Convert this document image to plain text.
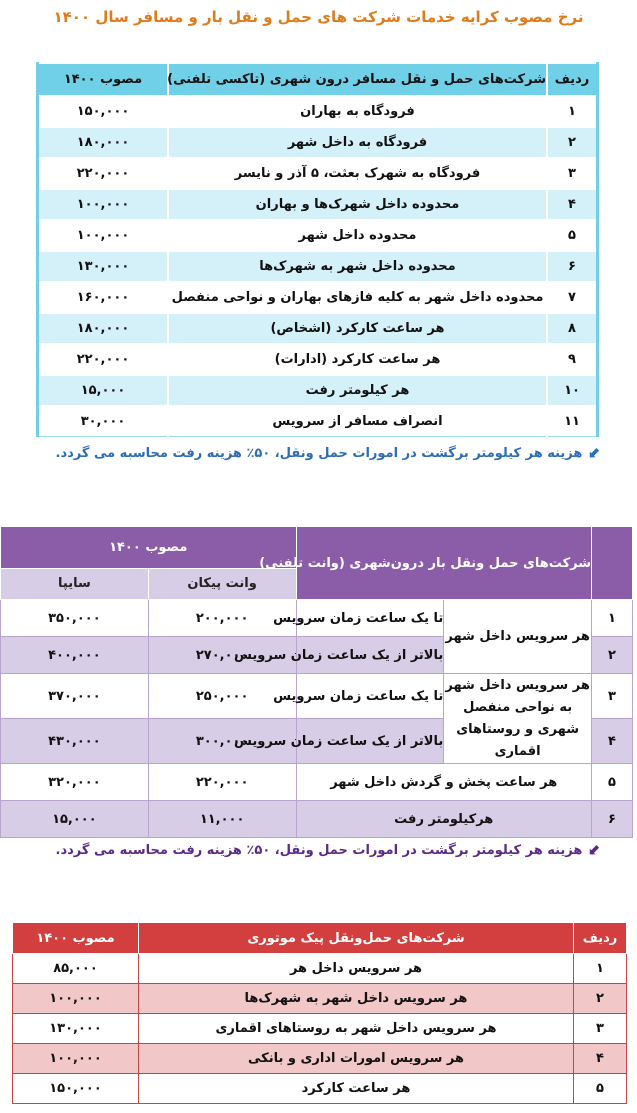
نرخ مصوب کرایه خدمات شرکت های حمل و نقل بار و مسافر سال ۱۴۰۰
ردیف	شرکت‌های حمل و نقل مسافر درون شهری (تاکسی تلفنی)	مصوب ۱۴۰۰
۱	فرودگاه به بهاران	۱۵۰,۰۰۰
۲	فرودگاه به داخل شهر	۱۸۰,۰۰۰
۳	فرودگاه به شهرک بعثت، ۵ آذر و نایسر	۲۲۰,۰۰۰
۴	محدوده داخل شهرک‌ها و بهاران	۱۰۰,۰۰۰
۵	محدوده داخل شهر	۱۰۰,۰۰۰
۶	محدوده داخل شهر به شهرک‌ها	۱۳۰,۰۰۰
۷	محدوده داخل شهر به کلیه فازهای بهاران و نواحی منفصل	۱۶۰,۰۰۰
۸	هر ساعت کارکرد (اشخاص)	۱۸۰,۰۰۰
۹	هر ساعت کارکرد (ادارات)	۲۲۰,۰۰۰
۱۰	هر کیلومتر رفت	۱۵,۰۰۰
۱۱	انصراف مسافر از سرویس	۳۰,۰۰۰
⬋هزینه هر کیلومتر برگشت در امورات حمل ونقل، ۵۰٪ هزینه رفت محاسبه می گردد.
	شرکت‌های حمل ونقل بار درون‌شهری (وانت تلفنی)		مصوب ۱۴۰۰	
			وانت پیکان	سایپا
۱	هر سرویس داخل شهر	تا یک ساعت زمان سرویس	۲۰۰,۰۰۰	۳۵۰,۰۰۰
۲		بالاتر از یک ساعت زمان سرویس	۲۷۰,۰۰۰	۴۰۰,۰۰۰
۳	هر سرویس داخل شهر به نواحی منفصل شهری و روستاهای اقماری	تا یک ساعت زمان سرویس	۲۵۰,۰۰۰	۳۷۰,۰۰۰
۴		بالاتر از یک ساعت زمان سرویس	۳۰۰,۰۰۰	۴۳۰,۰۰۰
۵	هر ساعت پخش و گردش داخل شهر		۲۲۰,۰۰۰	۳۲۰,۰۰۰
۶	هرکیلومتر رفت		۱۱,۰۰۰	۱۵,۰۰۰
⬋هزینه هر کیلومتر برگشت در امورات حمل ونقل، ۵۰٪ هزینه رفت محاسبه می گردد.
ردیف	شرکت‌های حمل‌ونقل پیک موتوری	مصوب ۱۴۰۰
۱	هر سرویس داخل هر	۸۵,۰۰۰
۲	هر سرویس داخل شهر به شهرک‌ها	۱۰۰,۰۰۰
۳	هر سرویس داخل شهر به روستاهای اقماری	۱۳۰,۰۰۰
۴	هر سرویس امورات اداری و بانکی	۱۰۰,۰۰۰
۵	هر ساعت کارکرد	۱۵۰,۰۰۰
